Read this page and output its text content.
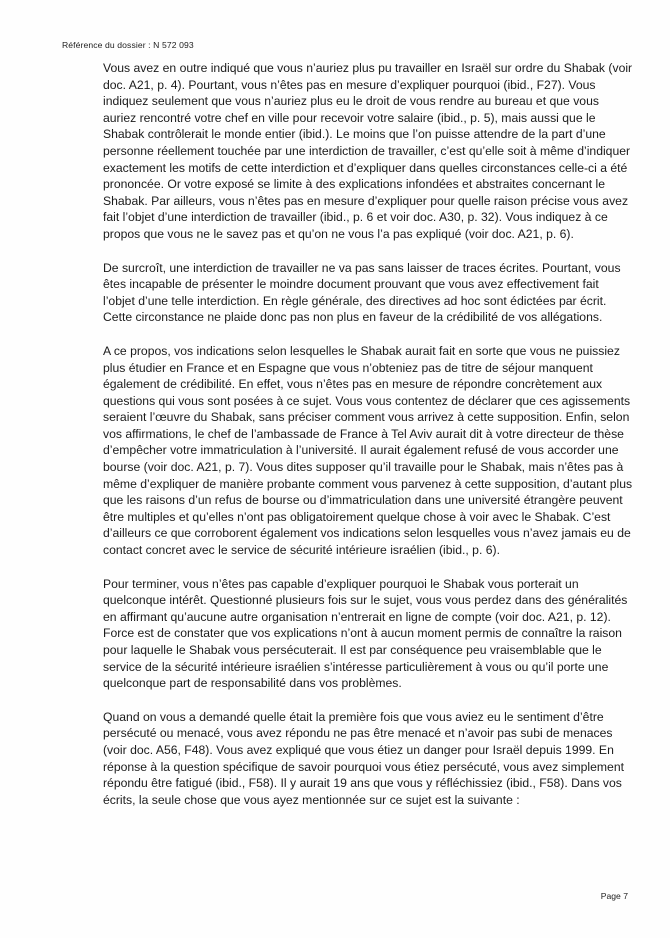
Référence du dossier : N 572 093

Vous avez en outre indiqué que vous n’auriez plus pu travailler en Israël sur ordre du Shabak (voir doc. A21, p. 4). Pourtant, vous n’êtes pas en mesure d’expliquer pourquoi (ibid., F27). Vous indiquez seulement que vous n’auriez plus eu le droit de vous rendre au bureau et que vous auriez rencontré votre chef en ville pour recevoir votre salaire (ibid., p. 5), mais aussi que le Shabak contrôlerait le monde entier (ibid.). Le moins que l’on puisse attendre de la part d’une personne réellement touchée par une interdiction de travailler, c’est qu’elle soit à même d’indiquer exactement les motifs de cette interdiction et d’expliquer dans quelles circonstances celle-ci a été prononcée. Or votre exposé se limite à des explications infondées et abstraites concernant le Shabak. Par ailleurs, vous n’êtes pas en mesure d’expliquer pour quelle raison précise vous avez fait l’objet d’une interdiction de travailler (ibid., p. 6 et voir doc. A30, p. 32). Vous indiquez à ce propos que vous ne le savez pas et qu’on ne vous l’a pas expliqué (voir doc. A21, p. 6).

De surcroît, une interdiction de travailler ne va pas sans laisser de traces écrites. Pourtant, vous êtes incapable de présenter le moindre document prouvant que vous avez effectivement fait l’objet d’une telle interdiction. En règle générale, des directives ad hoc sont édictées par écrit. Cette circonstance ne plaide donc pas non plus en faveur de la crédibilité de vos allégations.

A ce propos, vos indications selon lesquelles le Shabak aurait fait en sorte que vous ne puissiez plus étudier en France et en Espagne que vous n’obteniez pas de titre de séjour manquent également de crédibilité. En effet, vous n’êtes pas en mesure de répondre concrètement aux questions qui vous sont posées à ce sujet. Vous vous contentez de déclarer que ces agissements seraient l’œuvre du Shabak, sans préciser comment vous arrivez à cette supposition. Enfin, selon vos affirmations, le chef de l’ambassade de France à Tel Aviv aurait dit à votre directeur de thèse d’empêcher votre immatriculation à l’université. Il aurait également refusé de vous accorder une bourse (voir doc. A21, p. 7). Vous dites supposer qu’il travaille pour le Shabak, mais n’êtes pas à même d’expliquer de manière probante comment vous parvenez à cette supposition, d’autant plus que les raisons d’un refus de bourse ou d’immatriculation dans une université étrangère peuvent être multiples et qu’elles n’ont pas obligatoirement quelque chose à voir avec le Shabak. C’est d’ailleurs ce que corroborent également vos indications selon lesquelles vous n’avez jamais eu de contact concret avec le service de sécurité intérieure israélien (ibid., p. 6).

Pour terminer, vous n’êtes pas capable d’expliquer pourquoi le Shabak vous porterait un quelconque intérêt. Questionné plusieurs fois sur le sujet, vous vous perdez dans des généralités en affirmant qu’aucune autre organisation n’entrerait en ligne de compte (voir doc. A21, p. 12). Force est de constater que vos explications n’ont à aucun moment permis de connaître la raison pour laquelle le Shabak vous persécuterait. Il est par conséquence peu vraisemblable que le service de la sécurité intérieure israélien s’intéresse particulièrement à vous ou qu’il porte une quelconque part de responsabilité dans vos problèmes.

Quand on vous a demandé quelle était la première fois que vous aviez eu le sentiment d’être persécuté ou menacé, vous avez répondu ne pas être menacé et n’avoir pas subi de menaces (voir doc. A56, F48). Vous avez expliqué que vous étiez un danger pour Israël depuis 1999. En réponse à la question spécifique de savoir pourquoi vous étiez persécuté, vous avez simplement répondu être fatigué (ibid., F58). Il y aurait 19 ans que vous y réfléchissiez (ibid., F58). Dans vos écrits, la seule chose que vous ayez mentionnée sur ce sujet est la suivante :

Page 7
